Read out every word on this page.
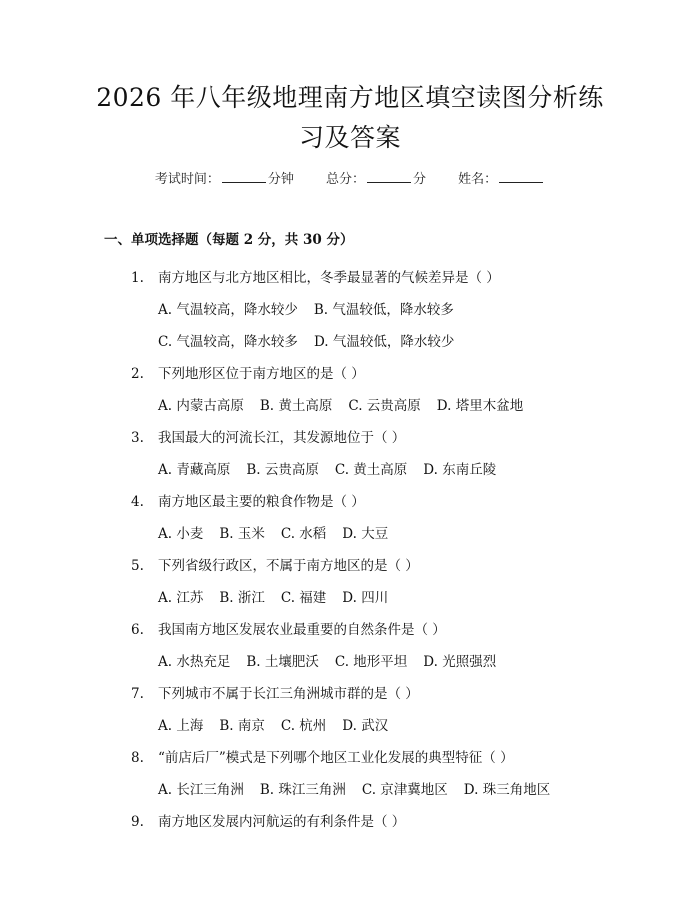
2026 年八年级地理南方地区填空读图分析练
习及答案
考试时间：	分钟 总分：	分 姓名：
一、单项选择题（每题 2 分，共 30 分）
1. 南方地区与北方地区相比，冬季最显著的气候差异是（ ）
A. 气温较高，降水较少 B. 气温较低，降水较多
C. 气温较高，降水较多 D. 气温较低，降水较少
2. 下列地形区位于南方地区的是（ ）
A. 内蒙古高原 B. 黄土高原 C. 云贵高原 D. 塔里木盆地
3. 我国最大的河流长江，其发源地位于（ ）
A. 青藏高原 B. 云贵高原 C. 黄土高原 D. 东南丘陵
4. 南方地区最主要的粮食作物是（ ）
A. 小麦 B. 玉米 C. 水稻 D. 大豆
5. 下列省级行政区，不属于南方地区的是（ ）
A. 江苏 B. 浙江 C. 福建 D. 四川
6. 我国南方地区发展农业最重要的自然条件是（ ）
A. 水热充足 B. 土壤肥沃 C. 地形平坦 D. 光照强烈
7. 下列城市不属于长江三角洲城市群的是（ ）
A. 上海 B. 南京 C. 杭州 D. 武汉
8. “前店后厂”模式是下列哪个地区工业化发展的典型特征（ ）
A. 长江三角洲 B. 珠江三角洲 C. 京津冀地区 D. 珠三角地区
9. 南方地区发展内河航运的有利条件是（ ）
